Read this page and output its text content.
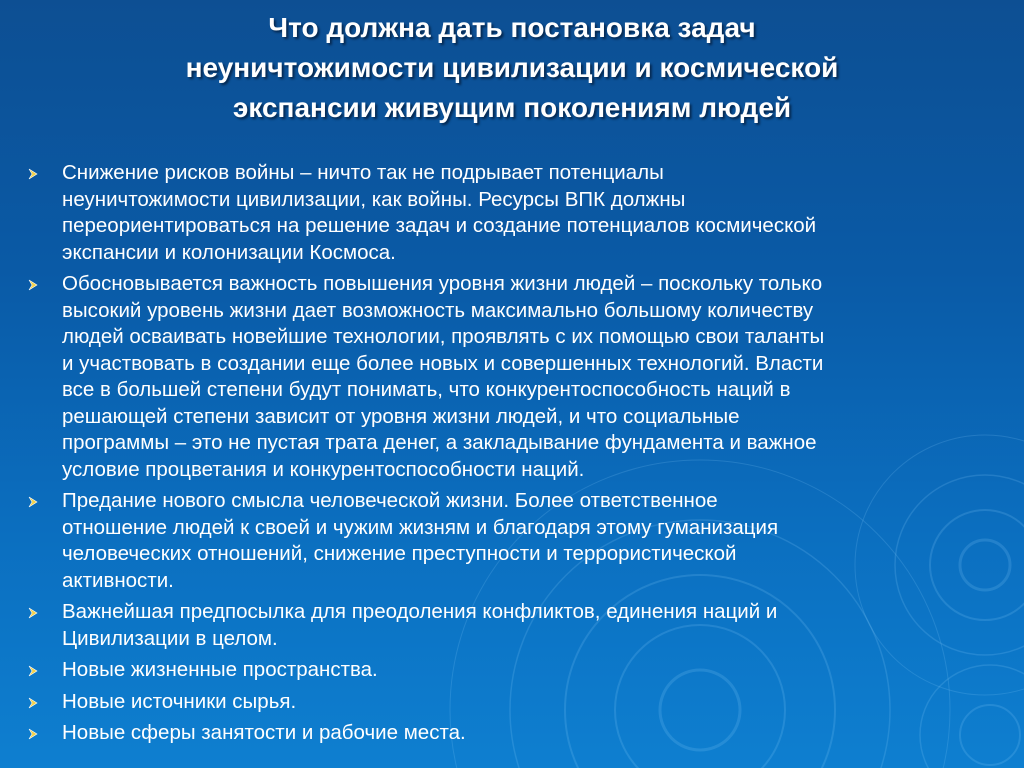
Что должна дать постановка задач
неуничтожимости цивилизации и космической
экспансии живущим поколениям людей
Снижение рисков войны – ничто так не подрывает потенциалы
неуничтожимости цивилизации, как войны. Ресурсы ВПК должны
переориентироваться на решение задач и создание потенциалов космической
экспансии и колонизации Космоса.
Обосновывается важность повышения уровня жизни людей – поскольку только
высокий уровень жизни дает возможность максимально большому количеству
людей осваивать новейшие технологии, проявлять с их помощью свои таланты
и участвовать в создании еще более новых и совершенных технологий. Власти
все в большей степени будут понимать, что конкурентоспособность наций в
решающей степени зависит от уровня жизни людей, и что социальные
программы – это не пустая трата денег, а закладывание фундамента и важное
условие процветания и конкурентоспособности наций.
Предание нового смысла человеческой жизни. Более ответственное
отношение людей к своей и чужим жизням и благодаря этому гуманизация
человеческих отношений, снижение преступности и террористической
активности.
Важнейшая предпосылка для преодоления конфликтов, единения наций и
Цивилизации в целом.
Новые жизненные пространства.
Новые источники сырья.
Новые сферы занятости и рабочие места.
